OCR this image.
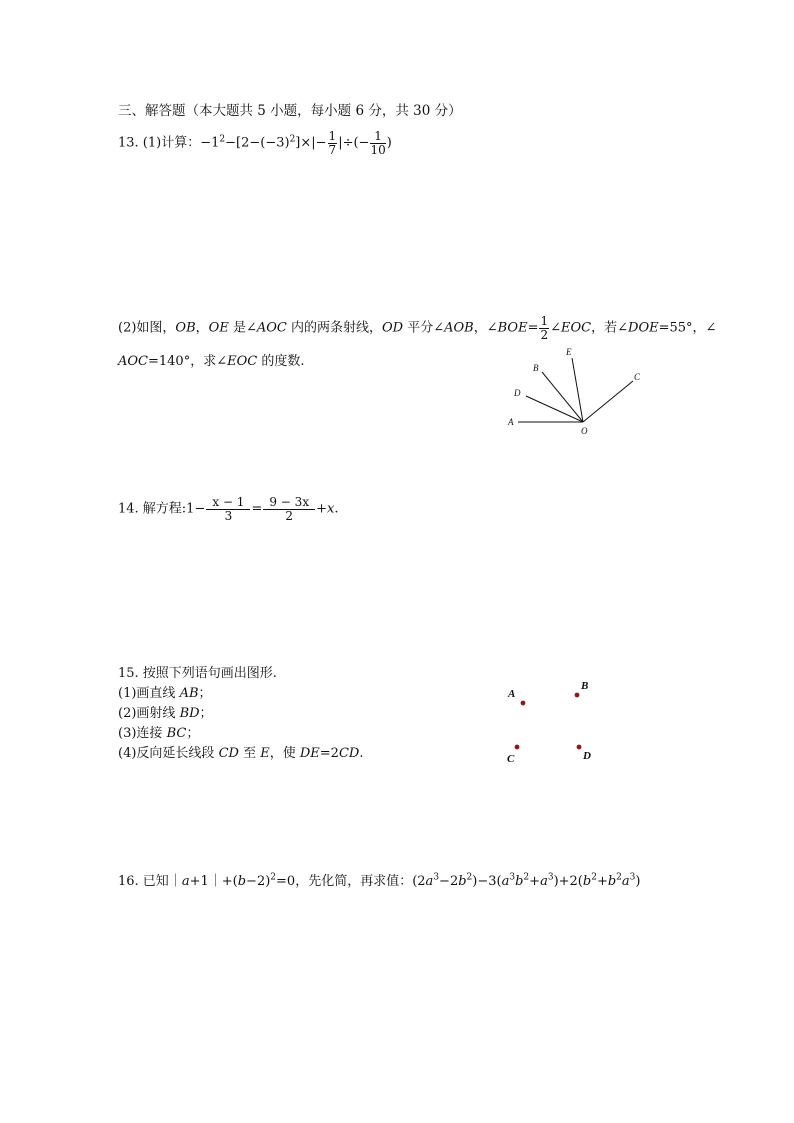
三、解答题（本大题共 5 小题，每小题 6 分，共 30 分）
13. (1)计算：$-1^2-[2-(-3)^2]\times|- \frac{1}{7}$ |÷(− $\frac{1}{10}$ )
(2)如图，OB，OE 是∠AOC 内的两条射线，OD 平分∠AOB，∠BOE= $\frac{1}{2}$ ∠EOC，若∠DOE=55°，∠
AOC=140°，求∠EOC 的度数.
A
D
B
E
C
O
14. 解方程:1− $\frac{x - 1}{3} = \frac{9 - 3x}{2} +x$.
15. 按照下列语句画出图形.
(1)画直线 AB；
(2)画射线 BD；
(3)连接 BC；
(4)反向延长线段 CD 至 E，使 DE=2CD.
A
B
C	D
16. 已知$|a+1|+(b-2)^2=0$，先化简，再求值：$(2a^3-2b^2)-3(a^3b^2+a^3)+2(b^2+b^2a^3)$
